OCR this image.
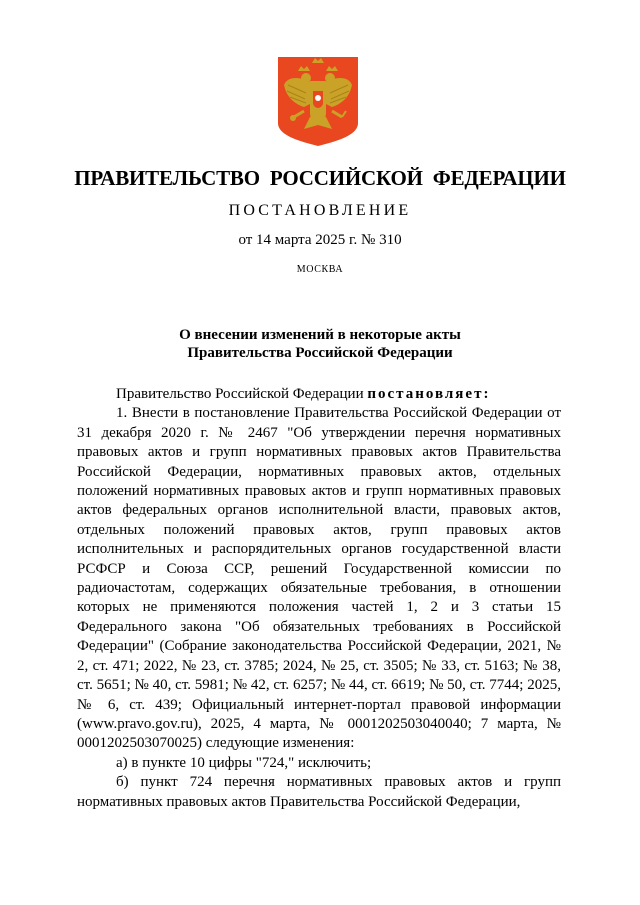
ПРАВИТЕЛЬСТВО РОССИЙСКОЙ ФЕДЕРАЦИИ
ПОСТАНОВЛЕНИЕ
от 14 марта 2025 г. № 310
МОСКВА
О внесении изменений в некоторые акты
Правительства Российской Федерации

Правительство Российской Федерации постановляет:

1. Внести в постановление Правительства Российской Федерации от 31 декабря 2020 г. № 2467 "Об утверждении перечня нормативных правовых актов и групп нормативных правовых актов Правительства Российской Федерации, нормативных правовых актов, отдельных положений нормативных правовых актов и групп нормативных правовых актов федеральных органов исполнительной власти, правовых актов, отдельных положений правовых актов, групп правовых актов исполнительных и распорядительных органов государственной власти РСФСР и Союза ССР, решений Государственной комиссии по радиочастотам, содержащих обязательные требования, в отношении которых не применяются положения частей 1, 2 и 3 статьи 15 Федерального закона "Об обязательных требованиях в Российской Федерации" (Собрание законодательства Российской Федерации, 2021, № 2, ст. 471; 2022, № 23, ст. 3785; 2024, № 25, ст. 3505; № 33, ст. 5163; № 38, ст. 5651; № 40, ст. 5981; № 42, ст. 6257; № 44, ст. 6619; № 50, ст. 7744; 2025, № 6, ст. 439; Официальный интернет-портал правовой информации (www.pravo.gov.ru), 2025, 4 марта, № 0001202503040040; 7 марта, № 0001202503070025) следующие изменения:

а) в пункте 10 цифры "724," исключить;

б) пункт 724 перечня нормативных правовых актов и групп нормативных правовых актов Правительства Российской Федерации,
